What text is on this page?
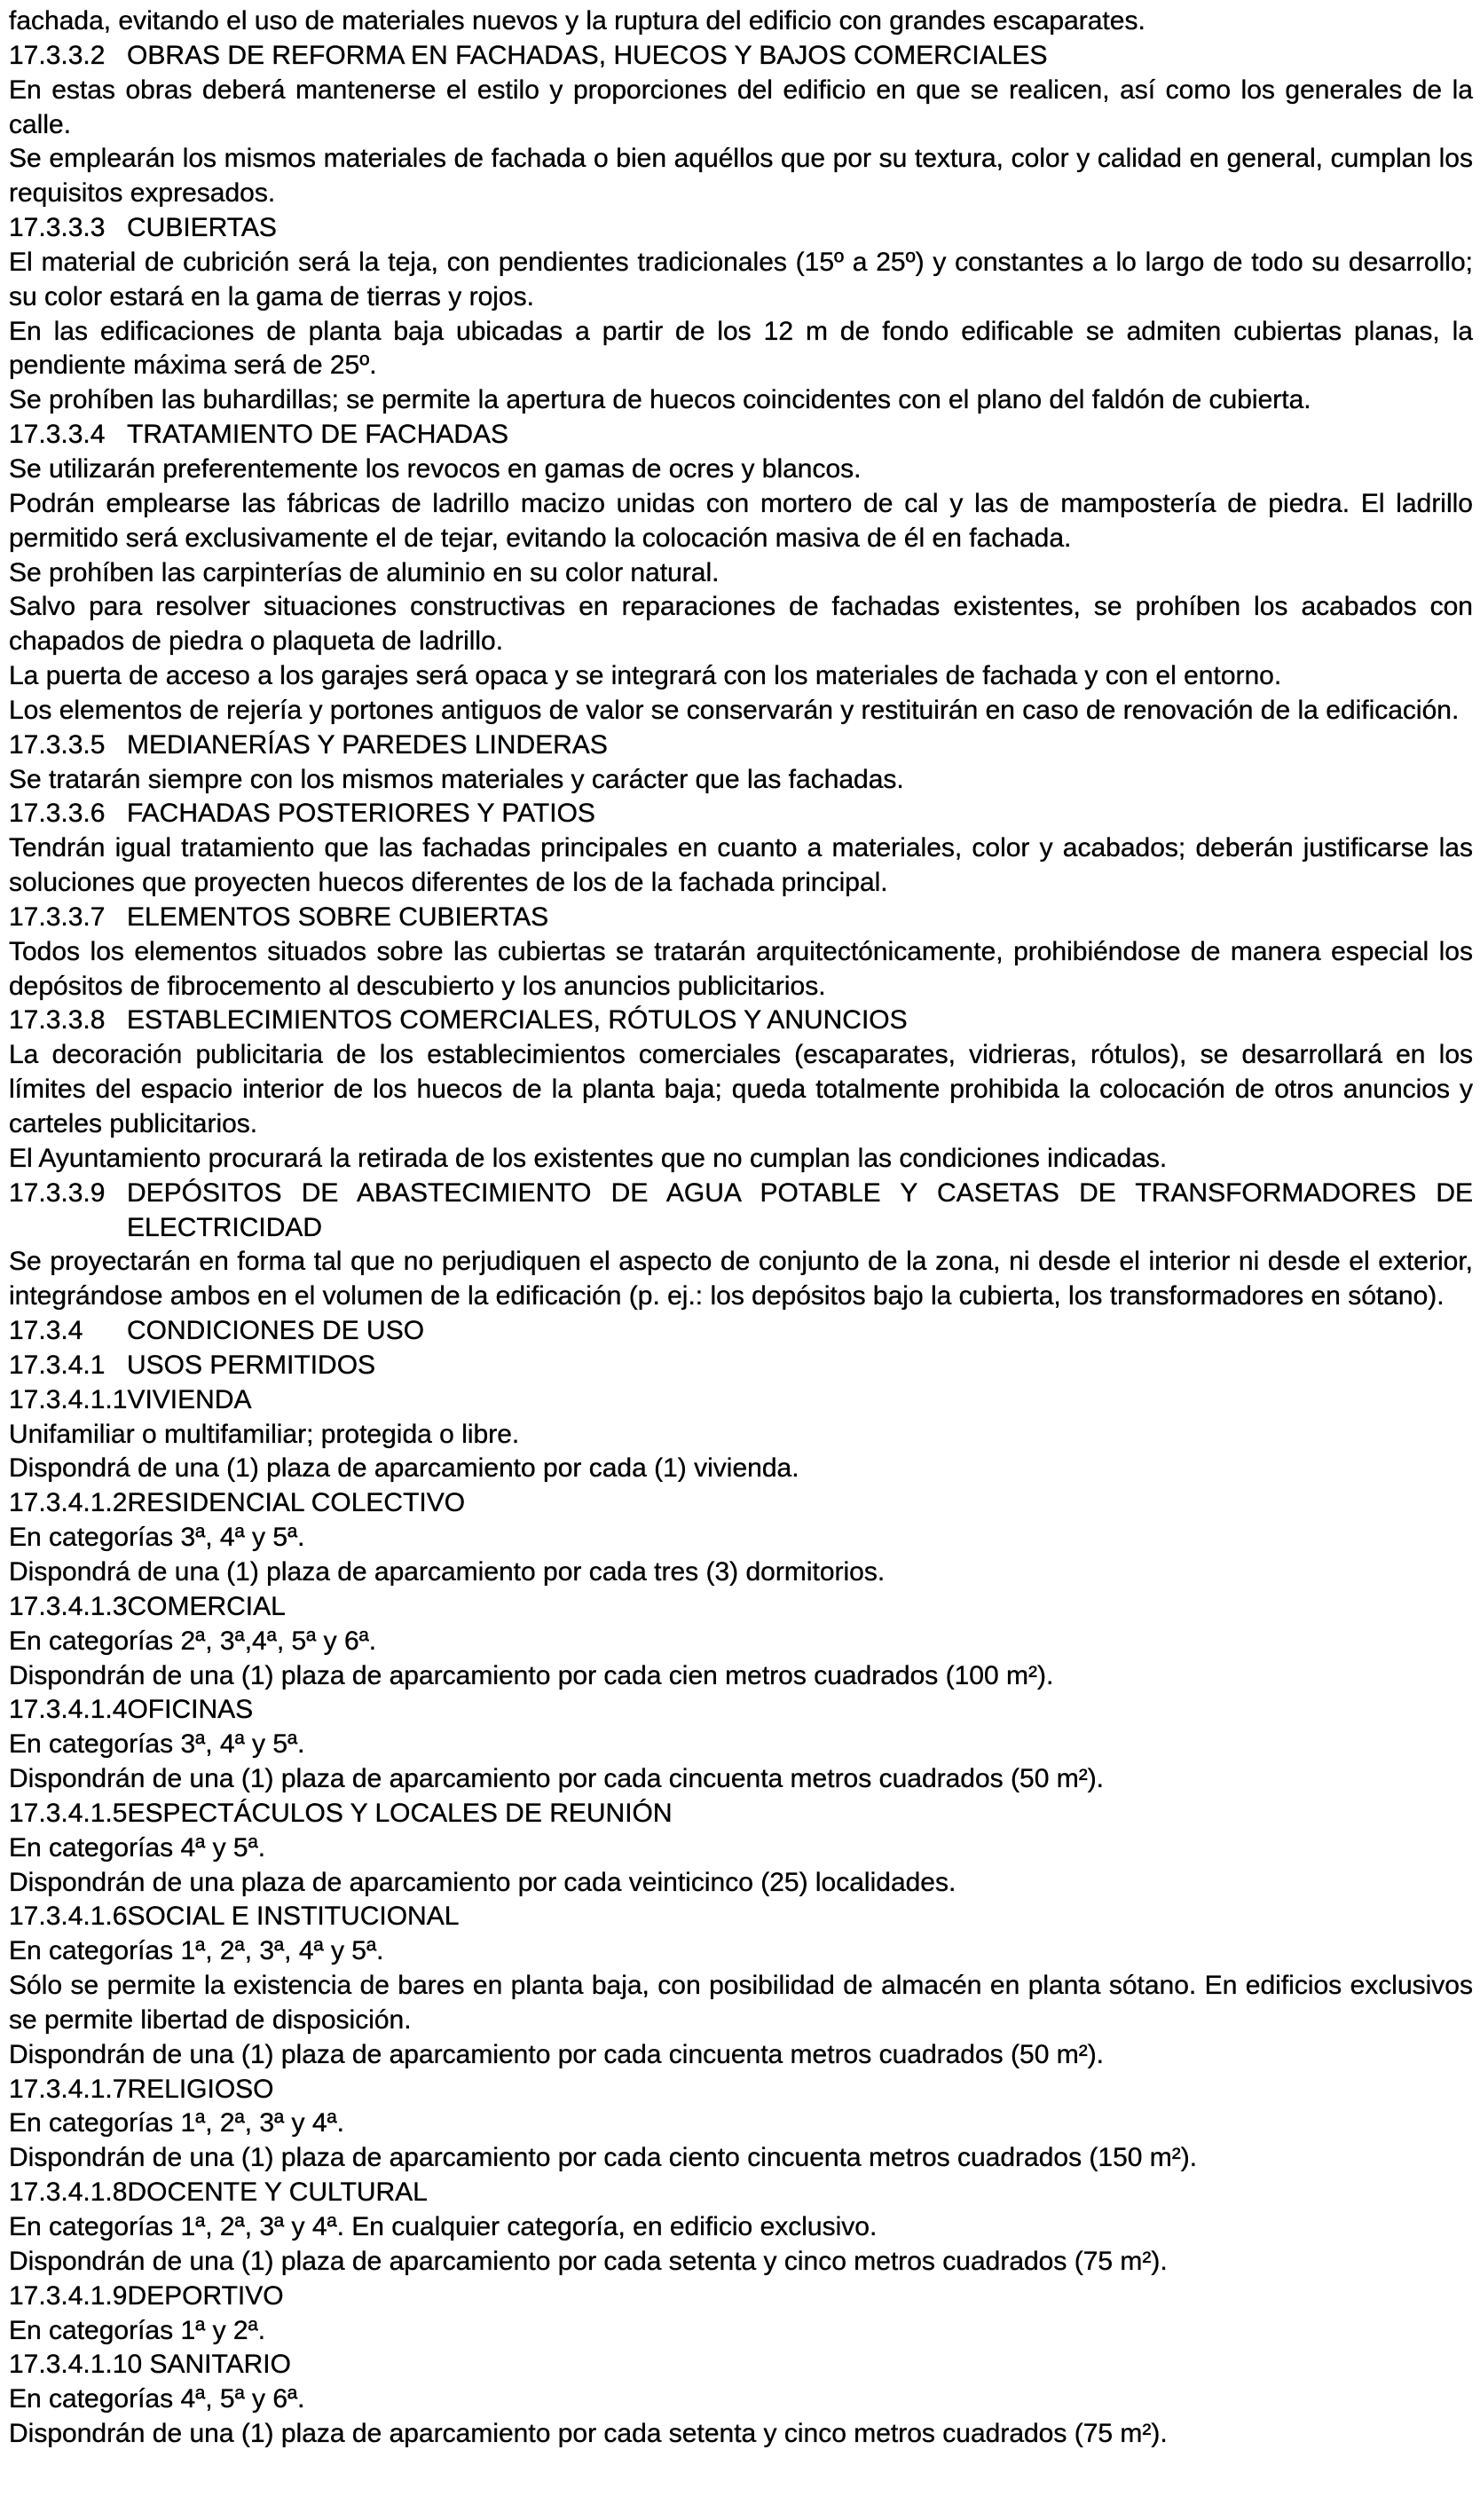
fachada, evitando el uso de materiales nuevos y la ruptura del edificio con grandes escaparates.

17.3.3.2 OBRAS DE REFORMA EN FACHADAS, HUECOS Y BAJOS COMERCIALES

En estas obras deberá mantenerse el estilo y proporciones del edificio en que se realicen, así como los generales de la calle.

Se emplearán los mismos materiales de fachada o bien aquéllos que por su textura, color y calidad en general, cumplan los requisitos expresados.

17.3.3.3 CUBIERTAS

El material de cubrición será la teja, con pendientes tradicionales (15º a 25º) y constantes a lo largo de todo su desarrollo; su color estará en la gama de tierras y rojos.

En las edificaciones de planta baja ubicadas a partir de los 12 m de fondo edificable se admiten cubiertas planas, la pendiente máxima será de 25º.

Se prohíben las buhardillas; se permite la apertura de huecos coincidentes con el plano del faldón de cubierta.

17.3.3.4 TRATAMIENTO DE FACHADAS

Se utilizarán preferentemente los revocos en gamas de ocres y blancos.

Podrán emplearse las fábricas de ladrillo macizo unidas con mortero de cal y las de mampostería de piedra. El ladrillo permitido será exclusivamente el de tejar, evitando la colocación masiva de él en fachada.

Se prohíben las carpinterías de aluminio en su color natural.

Salvo para resolver situaciones constructivas en reparaciones de fachadas existentes, se prohíben los acabados con chapados de piedra o plaqueta de ladrillo.

La puerta de acceso a los garajes será opaca y se integrará con los materiales de fachada y con el entorno.

Los elementos de rejería y portones antiguos de valor se conservarán y restituirán en caso de renovación de la edificación.

17.3.3.5 MEDIANERÍAS Y PAREDES LINDERAS

Se tratarán siempre con los mismos materiales y carácter que las fachadas.

17.3.3.6 FACHADAS POSTERIORES Y PATIOS

Tendrán igual tratamiento que las fachadas principales en cuanto a materiales, color y acabados; deberán justificarse las soluciones que proyecten huecos diferentes de los de la fachada principal.

17.3.3.7 ELEMENTOS SOBRE CUBIERTAS

Todos los elementos situados sobre las cubiertas se tratarán arquitectónicamente, prohibiéndose de manera especial los depósitos de fibrocemento al descubierto y los anuncios publicitarios.

17.3.3.8 ESTABLECIMIENTOS COMERCIALES, RÓTULOS Y ANUNCIOS

La decoración publicitaria de los establecimientos comerciales (escaparates, vidrieras, rótulos), se desarrollará en los límites del espacio interior de los huecos de la planta baja; queda totalmente prohibida la colocación de otros anuncios y carteles publicitarios.

El Ayuntamiento procurará la retirada de los existentes que no cumplan las condiciones indicadas.

17.3.3.9 DEPÓSITOS DE ABASTECIMIENTO DE AGUA POTABLE Y CASETAS DE TRANSFORMADORES DE ELECTRICIDAD

Se proyectarán en forma tal que no perjudiquen el aspecto de conjunto de la zona, ni desde el interior ni desde el exterior, integrándose ambos en el volumen de la edificación (p. ej.: los depósitos bajo la cubierta, los transformadores en sótano).

17.3.4 CONDICIONES DE USO

17.3.4.1 USOS PERMITIDOS

17.3.4.1.1VIVIENDA

Unifamiliar o multifamiliar; protegida o libre.

Dispondrá de una (1) plaza de aparcamiento por cada (1) vivienda.

17.3.4.1.2RESIDENCIAL COLECTIVO

En categorías 3ª, 4ª y 5ª.

Dispondrá de una (1) plaza de aparcamiento por cada tres (3) dormitorios.

17.3.4.1.3COMERCIAL

En categorías 2ª, 3ª,4ª, 5ª y 6ª.

Dispondrán de una (1) plaza de aparcamiento por cada cien metros cuadrados (100 m²).

17.3.4.1.4OFICINAS

En categorías 3ª, 4ª y 5ª.

Dispondrán de una (1) plaza de aparcamiento por cada cincuenta metros cuadrados (50 m²).

17.3.4.1.5ESPECTÁCULOS Y LOCALES DE REUNIÓN

En categorías 4ª y 5ª.

Dispondrán de una plaza de aparcamiento por cada veinticinco (25) localidades.

17.3.4.1.6SOCIAL E INSTITUCIONAL

En categorías 1ª, 2ª, 3ª, 4ª y 5ª.

Sólo se permite la existencia de bares en planta baja, con posibilidad de almacén en planta sótano. En edificios exclusivos se permite libertad de disposición.

Dispondrán de una (1) plaza de aparcamiento por cada cincuenta metros cuadrados (50 m²).

17.3.4.1.7RELIGIOSO

En categorías 1ª, 2ª, 3ª y 4ª.

Dispondrán de una (1) plaza de aparcamiento por cada ciento cincuenta metros cuadrados (150 m²).

17.3.4.1.8DOCENTE Y CULTURAL

En categorías 1ª, 2ª, 3ª y 4ª. En cualquier categoría, en edificio exclusivo.

Dispondrán de una (1) plaza de aparcamiento por cada setenta y cinco metros cuadrados (75 m²).

17.3.4.1.9DEPORTIVO

En categorías 1ª y 2ª.

17.3.4.1.10 SANITARIO

En categorías 4ª, 5ª y 6ª.

Dispondrán de una (1) plaza de aparcamiento por cada setenta y cinco metros cuadrados (75 m²).
